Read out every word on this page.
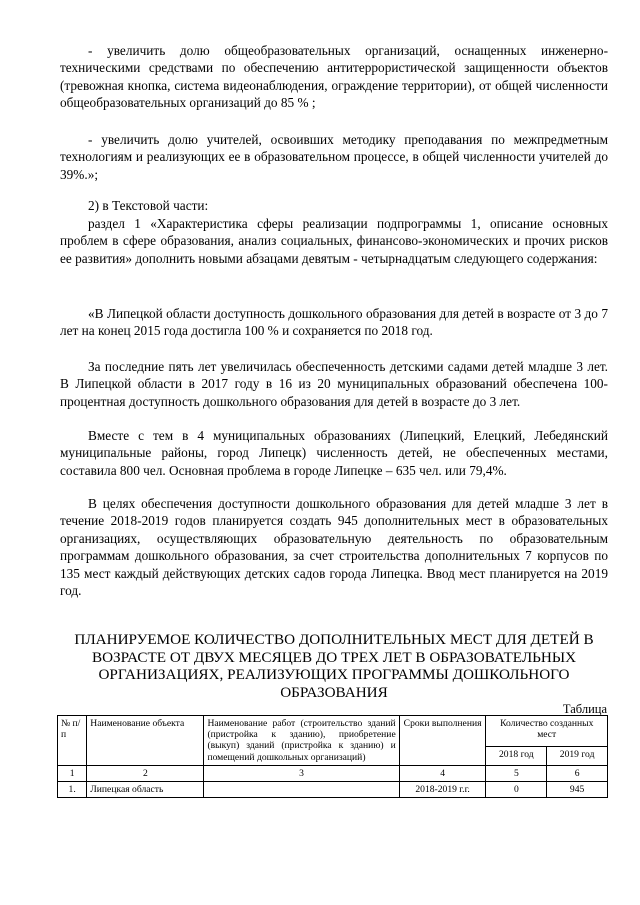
- увеличить долю общеобразовательных организаций, оснащенных инженерно-техническими средствами по обеспечению антитеррористической защищенности объектов (тревожная кнопка, система видеонаблюдения, ограждение территории), от общей численности общеобразовательных организаций до 85 % ;

- увеличить долю учителей, освоивших методику преподавания по межпредметным технологиям и реализующих ее в образовательном процессе, в общей численности учителей до 39%.»;

2) в Текстовой части:

раздел 1 «Характеристика сферы реализации подпрограммы 1, описание основных проблем в сфере образования, анализ социальных, финансово-экономических и прочих рисков ее развития» дополнить новыми абзацами девятым - четырнадцатым следующего содержания:

«В Липецкой области доступность дошкольного образования для детей в возрасте от 3 до 7 лет на конец 2015 года достигла 100 % и сохраняется по 2018 год.

За последние пять лет увеличилась обеспеченность детскими садами детей младше 3 лет. В Липецкой области в 2017 году в 16 из 20 муниципальных образований обеспечена 100-процентная доступность дошкольного образования для детей в возрасте до 3 лет.

Вместе с тем в 4 муниципальных образованиях (Липецкий, Елецкий, Лебедянский муниципальные районы, город Липецк) численность детей, не обеспеченных местами, составила 800 чел. Основная проблема в городе Липецке – 635 чел. или 79,4%.

В целях обеспечения доступности дошкольного образования для детей младше 3 лет в течение 2018-2019 годов планируется создать 945 дополнительных мест в образовательных организациях, осуществляющих образовательную деятельность по образовательным программам дошкольного образования, за счет строительства дополнительных 7 корпусов по 135 мест каждый действующих детских садов города Липецка. Ввод мест планируется на 2019 год.

ПЛАНИРУЕМОЕ КОЛИЧЕСТВО ДОПОЛНИТЕЛЬНЫХ МЕСТ ДЛЯ ДЕТЕЙ В ВОЗРАСТЕ ОТ ДВУХ МЕСЯЦЕВ ДО ТРЕХ ЛЕТ В ОБРАЗОВАТЕЛЬНЫХ ОРГАНИЗАЦИЯХ, РЕАЛИЗУЮЩИХ ПРОГРАММЫ ДОШКОЛЬНОГО ОБРАЗОВАНИЯ

Таблица
№ п/п	Наименование объекта	Наименование работ (строительство зданий (пристройка к зданию), приобретение (выкуп) зданий (пристройка к зданию) и помещений дошкольных организаций)	Сроки выполнения	Количество созданных мест	
				2018 год	2019 год
1	2	3	4	5	6
1.	Липецкая область		2018-2019 г.г.	0	945
